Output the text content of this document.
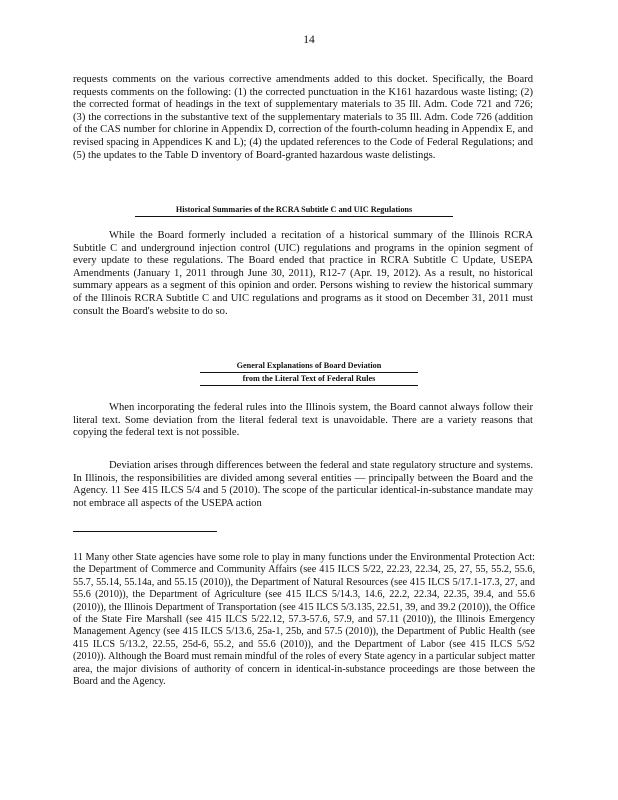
14
requests comments on the various corrective amendments added to this docket. Specifically, the Board requests comments on the following: (1) the corrected punctuation in the K161 hazardous waste listing; (2) the corrected format of headings in the text of supplementary materials to 35 Ill. Adm. Code 721 and 726; (3) the corrections in the substantive text of the supplementary materials to 35 Ill. Adm. Code 726 (addition of the CAS number for chlorine in Appendix D, correction of the fourth-column heading in Appendix E, and revised spacing in Appendices K and L); (4) the updated references to the Code of Federal Regulations; and (5) the updates to the Table D inventory of Board-granted hazardous waste delistings.
Historical Summaries of the RCRA Subtitle C and UIC Regulations
While the Board formerly included a recitation of a historical summary of the Illinois RCRA Subtitle C and underground injection control (UIC) regulations and programs in the opinion segment of every update to these regulations. The Board ended that practice in RCRA Subtitle C Update, USEPA Amendments (January 1, 2011 through June 30, 2011), R12-7 (Apr. 19, 2012). As a result, no historical summary appears as a segment of this opinion and order. Persons wishing to review the historical summary of the Illinois RCRA Subtitle C and UIC regulations and programs as it stood on December 31, 2011 must consult the Board's website to do so.
General Explanations of Board Deviation
from the Literal Text of Federal Rules
When incorporating the federal rules into the Illinois system, the Board cannot always follow their literal text. Some deviation from the literal federal text is unavoidable. There are a variety reasons that copying the federal text is not possible.
Deviation arises through differences between the federal and state regulatory structure and systems. In Illinois, the responsibilities are divided among several entities — principally between the Board and the Agency. 11 See 415 ILCS 5/4 and 5 (2010). The scope of the particular identical-in-substance mandate may not embrace all aspects of the USEPA action
11 Many other State agencies have some role to play in many functions under the Environmental Protection Act: the Department of Commerce and Community Affairs (see 415 ILCS 5/22, 22.23, 22.34, 25, 27, 55, 55.2, 55.6, 55.7, 55.14, 55.14a, and 55.15 (2010)), the Department of Natural Resources (see 415 ILCS 5/17.1-17.3, 27, and 55.6 (2010)), the Department of Agriculture (see 415 ILCS 5/14.3, 14.6, 22.2, 22.34, 22.35, 39.4, and 55.6 (2010)), the Illinois Department of Transportation (see 415 ILCS 5/3.135, 22.51, 39, and 39.2 (2010)), the Office of the State Fire Marshall (see 415 ILCS 5/22.12, 57.3-57.6, 57.9, and 57.11 (2010)), the Illinois Emergency Management Agency (see 415 ILCS 5/13.6, 25a-1, 25b, and 57.5 (2010)), the Department of Public Health (see 415 ILCS 5/13.2, 22.55, 25d-6, 55.2, and 55.6 (2010)), and the Department of Labor (see 415 ILCS 5/52 (2010)). Although the Board must remain mindful of the roles of every State agency in a particular subject matter area, the major divisions of authority of concern in identical-in-substance proceedings are those between the Board and the Agency.
